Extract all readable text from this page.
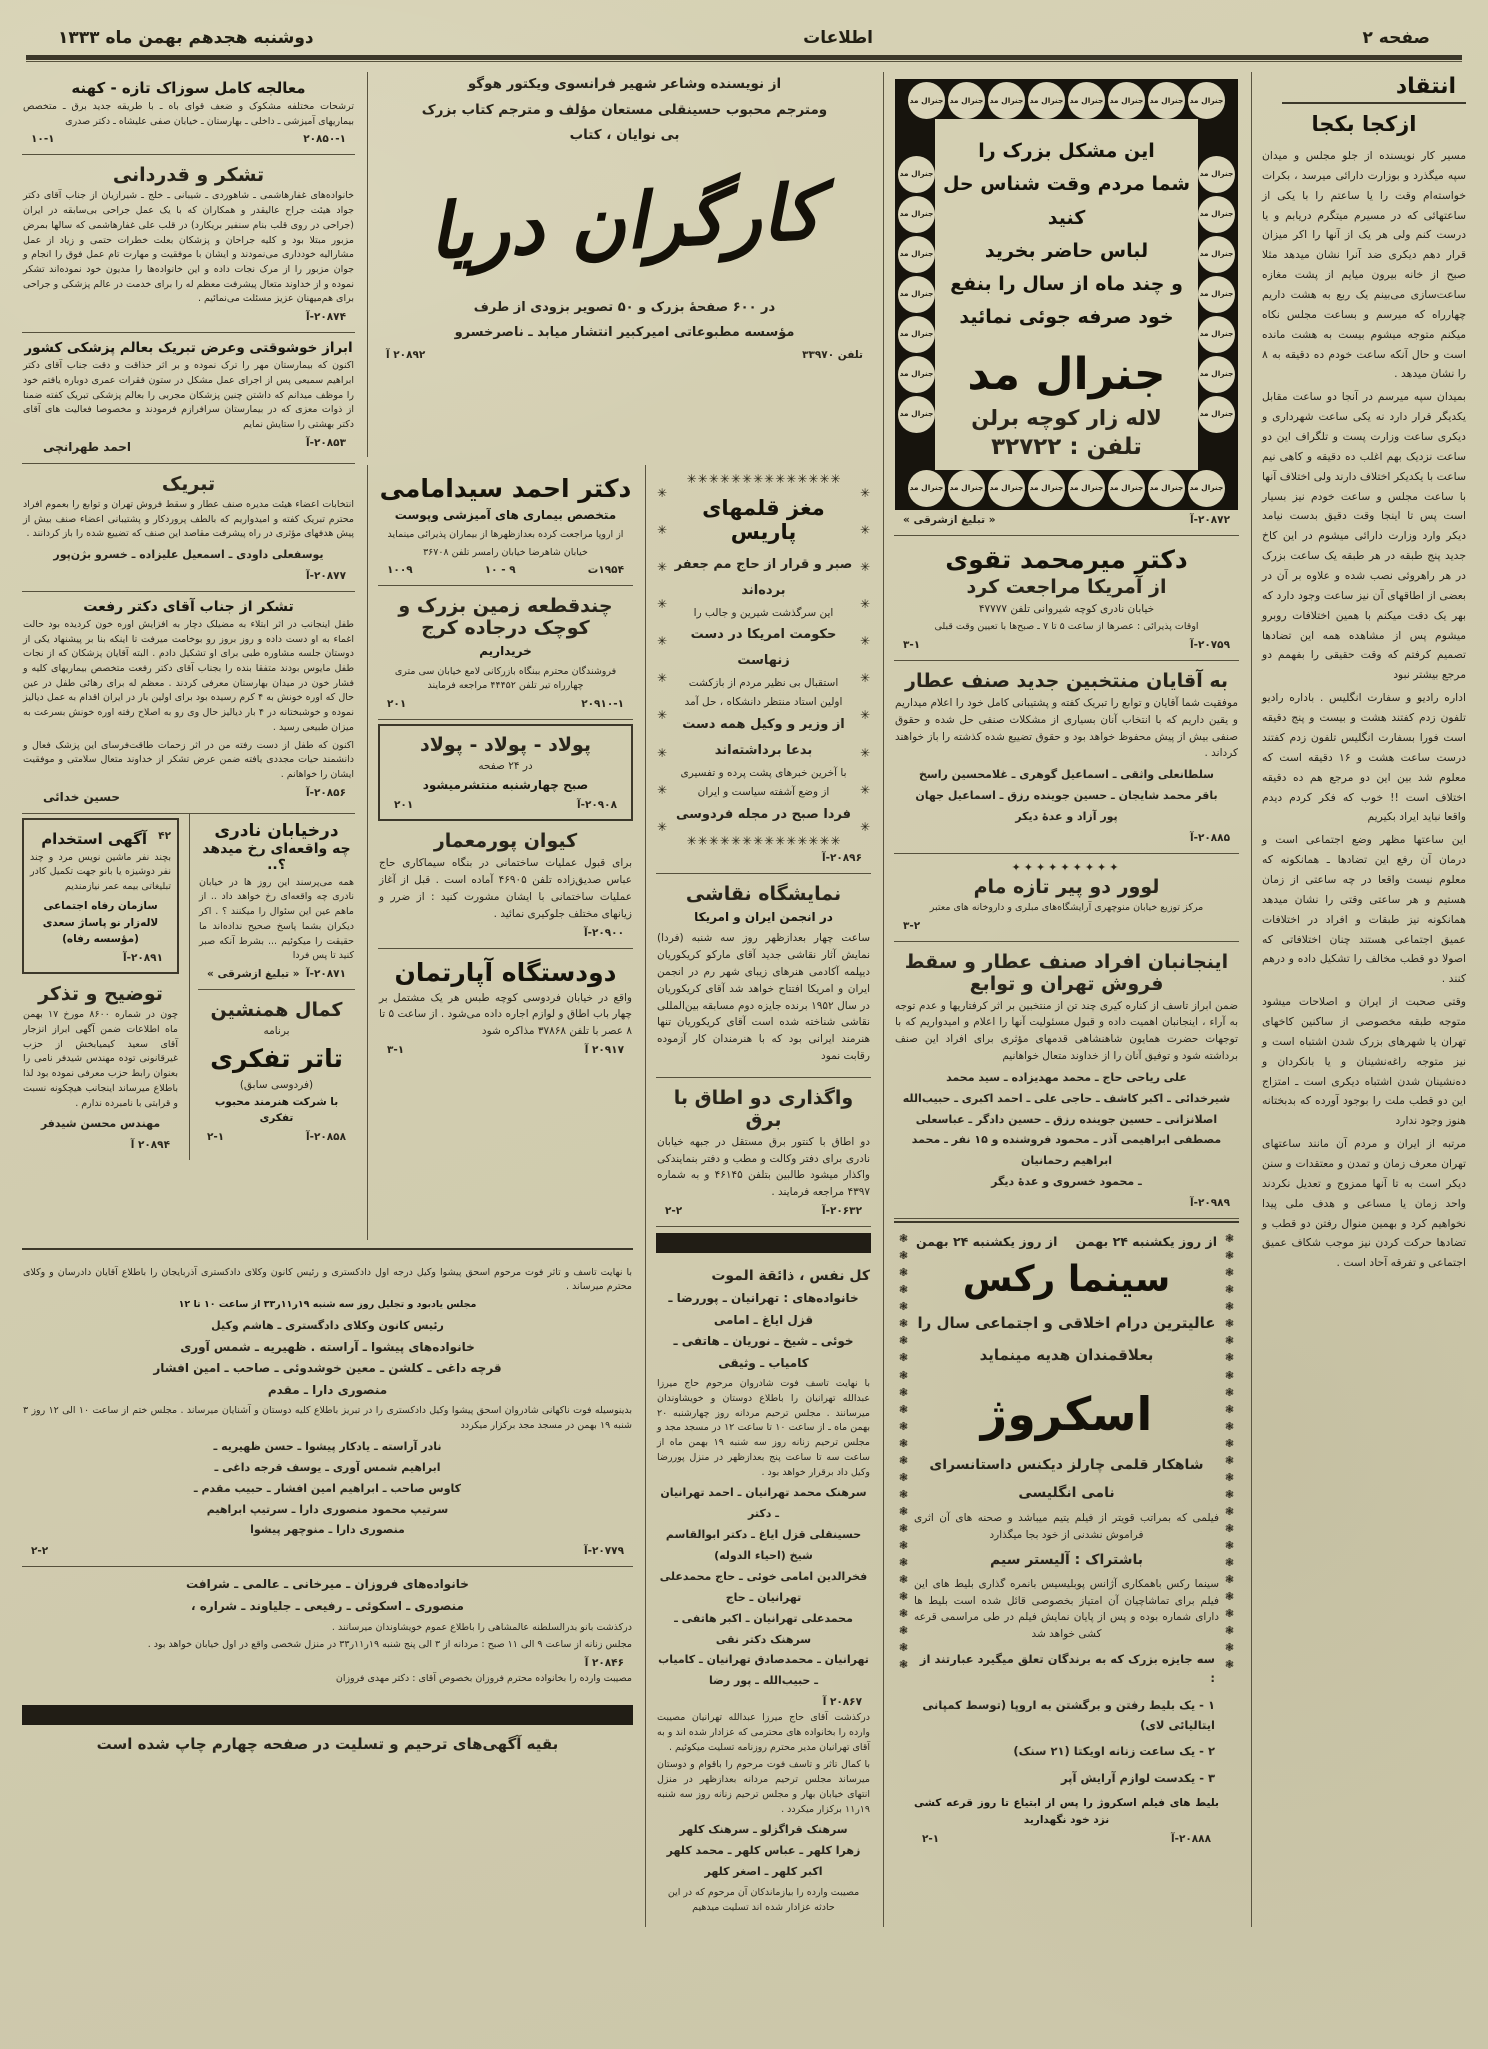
صفحه ۲
اطلاعات
دوشنبه هجدهم بهمن ماه ۱۳۳۳
انتقاد
ازکجا بکجا

مسیر کار نویسنده از جلو مجلس و میدان سپه میگذرد و بوزارت دارائی میرسد ، بکرات خواسته‌ام وقت را یا ساعتم را با یکی از ساعتهائی که در مسیرم میتگرم دریابم و یا درست کنم ولی هر یک از آنها را اکر میزان قرار دهم دیکری ضد آنرا نشان میدهد مثلا صبح از خانه بیرون میایم از پشت مغازه ساعت‌سازی می‌بینم یک ربع به هشت داریم چهارراه که میرسم و بساعت مجلس نکاه میکنم متوجه میشوم بیست به هشت مانده است و حال آنکه ساعت خودم ده دقیقه به ۸ را نشان میدهد .

بمیدان سپه میرسم در آنجا دو ساعت مقابل یکدیگر قرار دارد نه یکی ساعت شهرداری و دیکری ساعت وزارت پست و تلگراف این دو ساعت نزدیک بهم اغلب ده دقیقه و کاهی نیم ساعت با یکدیکر اختلاف دارند ولی اختلاف آنها با ساعت مجلس و ساعت خودم نیز بسیار است پس تا اینجا وقت دقیق بدست نیامد دیکر وارد وزارت دارائی میشوم در این کاخ جدید پنج طبقه در هر طبقه یک ساعت بزرک در هر راهروئی نصب شده و علاوه بر آن در بعضی از اطاقهای آن نیز ساعت وجود دارد که بهر یک دقت میکنم با همین اختلافات روبرو میشوم پس از مشاهده همه این تضادها تصمیم کرفتم که وقت حقیقی را بفهمم دو مرجع بیشتر نبود

اداره رادیو و سفارت انگلیس . باداره رادیو تلفون زدم کفتند هشت و بیست و پنج دقیقه است فورا بسفارت انگلیس تلفون زدم کفتند درست ساعت هشت و ۱۶ دقیقه است که معلوم شد بین این دو مرجع هم ده دقیقه اختلاف است !! خوب که فکر کردم دیدم واقعا نباید ایراد بکیریم

این ساعتها مظهر وضع اجتماعی است و درمان آن رفع این تضادها ـ همانکونه که معلوم نیست واقعا در چه ساعتی از زمان هستیم و هر ساعتی وقتی را نشان میدهد همانکونه نیز طبقات و افراد در اختلافات عمیق اجتماعی هستند چنان اختلافاتی که اصولا دو قطب مخالف را تشکیل داده و درهم کنند .

وقتی صحبت از ایران و اصلاحات میشود متوجه طبقه مخصوصی از ساکنین کاخهای تهران یا شهرهای بزرک شدن اشتباه است و نیز متوجه راغه‌نشینان و یا بانکردان و ده‌نشینان شدن اشتباه دیکری است ـ امتزاج این دو قطب ملت را بوجود آورده که بدبختانه هنوز وجود ندارد

مرتبه از ایران و مردم آن مانند ساعتهای تهران معرف زمان و تمدن و معتقدات و سنن دیکر است به تا آنها ممزوج و تعدیل نکردند واحد زمان یا مساعی و هدف ملی پیدا نخواهیم کرد و بهمین منوال رفتن دو قطب و تضادها حرکت کردن نیز موجب شکاف عمیق اجتماعی و تفرقه آحاد است .

جنرال مد
جنرال مد
جنرال مد
جنرال مد
جنرال مد
جنرال مد
جنرال مد
جنرال مد
جنرال مد
جنرال مد
جنرال مد
جنرال مد
جنرال مد
جنرال مد
جنرال مد
این مشکل بزرک را
شما مردم وقت شناس حل کنید
لباس حاضر بخرید
و چند ماه از سال را بنفع
خود صرفه جوئی نمائید
جنرال مد
لاله زار کوچه برلن
تلفن : ۳۲۷۲۲
جنرال مد
جنرال مد
جنرال مد
جنرال مد
جنرال مد
جنرال مد
جنرال مد
جنرال مد
جنرال مد
جنرال مد
جنرال مد
جنرال مد
جنرال مد
جنرال مد
جنرال مد
۲۰۸۷۲-آ
« تبلیغ ازشرقی »
دکتر میرمحمد تقوی
از آمریکا مراجعت کرد

خیابان نادری کوچه شیروانی تلفن ۴۷۷۷۷

اوقات پذیرائی : عصرها از ساعت ۵ تا ۷ ـ صبح‌ها با تعیین وقت قبلی

۲۰۷۵۹-آ
۳-۱
به آقایان منتخبین جدید صنف عطار

موفقیت شما آقایان و توابع را تبریک کفته و پشتیبانی کامل خود را اعلام میداریم و یقین داریم که با انتخاب آنان بسیاری از مشکلات صنفی حل شده و حقوق صنفی بیش از پیش محفوظ خواهد بود و حقوق تضییع شده کذشته را باز خواهند کرداند .

سلطانعلی واثقی ـ اسماعیل گوهری ـ غلامحسین راسخ
باقر محمد شایجان ـ حسین جوینده رزق ـ اسماعیل جهان
پور آزاد و عدهٔ دیکر
۲۰۸۸۵-آ
✦✦✦✦✦✦✦✦✦
لوور دو پیر تازه مام

مرکز توزیع خیابان منوچهری آرایشگاه‌های مبلری و داروخانه های معتبر

۳-۲
اینجانبان افراد صنف عطار و سقط فروش تهران و توابع

ضمن ابراز تاسف از کناره کیری چند تن از منتخبین بر اثر کرفتاریها و عدم توجه به آراء ، اینجانبان اهمیت داده و قبول مسئولیت آنها را اعلام و امیدواریم که با توجهات حضرت همایون شاهنشاهی قدمهای مؤثری برای افراد این صنف برداشته شود و توفیق آنان را از خداوند متعال خواهانیم

علی ریاحی حاج ـ محمد مهدیزاده ـ سید محمد
شیرخدائی ـ اکبر کاشف ـ حاجی علی ـ احمد اکبری ـ حبیب‌الله
اصلانزانی ـ حسین جوینده رزق ـ حسین دادگر ـ عباسعلی
مصطفی ابراهیمی آذر ـ محمود فروشنده و ۱۵ نفر ـ محمد ابراهیم رحمانیان
ـ محمود خسروی و عدهٔ دیگر
۲۰۹۸۹-آ
❃
❃
❃
❃
❃
❃
❃
❃
❃
❃
❃
❃
❃
❃
❃
❃
❃
❃
❃
❃
❃
❃
❃
❃
❃
❃
از روز یکشنبه ۲۴ بهمن
از روز یکشنبه ۲۴ بهمن
سینما رکس
عالیترین درام اخلاقی و اجتماعی سال را
بعلاقمندان هدیه مینماید
اسکروژ
شاهکار قلمی چارلز دیکنس داستانسرای
نامی انگلیسی

فیلمی که بمراتب قویتر از فیلم یتیم میباشد و صحنه های آن اثری فراموش نشدنی از خود بجا میگذارد

باشتراک : آلیستر سیم

سینما رکس باهمکاری آژانس پوبلیسیس بانمره گذاری بلیط های این فیلم برای تماشاچیان آن امتیاز بخصوصی قائل شده است بلیط ها دارای شماره بوده و پس از پایان نمایش فیلم در طی مراسمی قرعه کشی خواهد شد

سه جایزه بزرک که به برندگان تعلق میگیرد عبارتند از :
۱ - یک بلیط رفتن و برگشتن به اروپا (توسط کمپانی ایتالیائی لای)
۲ - یک ساعت زنانه اویکتا (۲۱ سنک)
۳ - یکدست لوازم آرایش آپر

بلیط های فیلم اسکروژ را پس از ابتیاع تا روز قرعه کشی نزد خود نگهدارید

۲۰۸۸۸-آ
۲-۱
❃
❃
❃
❃
❃
❃
❃
❃
❃
❃
❃
❃
❃
❃
❃
❃
❃
❃
❃
❃
❃
❃
❃
❃
❃
❃
از نویسنده وشاعر شهیر فرانسوی ویکتور هوگو
ومترجم محبوب حسینقلی مستعان مؤلف و مترجم کتاب بزرک
بی نوایان ، کتاب
کارگران دریا
در ۶۰۰ صفحهٔ بزرک و ۵۰ تصویر بزودی از طرف
مؤسسه مطبوعاتی امیرکبیر انتشار میابد ـ ناصرخسرو
تلفن ۳۳۹۷۰
۲۰۸۹۲ آ
✳
✳
✳
✳
✳
✳
✳
✳
✳
✳
✳
✳
✳
✳
✳
✳
✳
✳
✳
✳
✳
✳
✳
✳
مغز قلمهای پاریس
صبر و قرار از حاج مم جعفر برده‌اند
این سرگذشت شیرین و جالب را
حکومت امریکا در دست زنهاست
استقبال بی نظیر مردم از بازکشت
اولین استاد منتظر دانشکاه ، حل آمد
از وزیر و وکیل همه دست بدعا برداشته‌اند
با آخرین خبرهای پشت پرده و تفسیری
از وضع آشفته سیاست و ایران
فردا صبح در مجله فردوسی
✳
✳
✳
✳
✳
✳
✳
✳
✳
✳
✳
✳
✳
✳
✳
✳
✳
✳
✳
✳
✳
✳
✳
✳
۲۰۸۹۶-آ
نمایشگاه نقاشی
در انجمن ایران و امریکا

ساعت چهار بعدازظهر روز سه شنبه (فردا) نمایش آثار نقاشی جدید آقای مارکو کریکوریان دیپلمه آکادمی هنرهای زیبای شهر رم در انجمن ایران و امریکا افتتاح خواهد شد آقای کریکوریان در سال ۱۹۵۲ برنده جایزه دوم مسابقه بین‌المللی نقاشی شناخته شده است آقای کریکوریان تنها هنرمند ایرانی بود که با هنرمندان کار آزموده رقابت نمود

واگذاری دو اطاق با برق

دو اطاق با کنتور برق مستقل در جبهه خیابان نادری برای دفتر وکالت و مطب و دفتر بنمایندکی واکذار میشود طالبین بتلفن ۴۶۱۴۵ و به شماره ۴۳۹۷ مراجعه فرمایند .

۲۰۶۳۲-آ
۲-۲
کل نفس ، ذائقة الموت
خانواده‌های : تهرانیان ـ پوررضا ـ قزل ایاغ ـ امامی
خوئی ـ شیخ ـ نوریان ـ هاتفی ـ کامیاب ـ وثیقی

با نهایت تاسف فوت شادروان مرحوم حاج میرزا عبدالله تهرانیان را باطلاع دوستان و خویشاوندان میرسانند . مجلس ترحیم مردانه روز چهارشنبه ۲۰ بهمن ماه ـ از ساعت ۱۰ تا ساعت ۱۲ در مسجد مجد و مجلس ترحیم زنانه روز سه شنبه ۱۹ بهمن ماه از ساعت سه تا ساعت پنج بعدازظهر در منزل پوررضا وکیل داد برقرار خواهد بود .

سرهنک محمد تهرانیان ـ احمد تهرانیان ـ دکتر
حسینقلی قزل ایاغ ـ دکتر ابوالقاسم شیخ (احیاء الدوله)
فخرالدین امامی خوئی ـ حاج محمدعلی تهرانیان ـ حاج
محمدعلی تهرانیان ـ اکبر هاتفی ـ سرهنک دکتر نقی
تهرانیان ـ محمدصادق تهرانیان ـ کامیاب ـ حبیب‌الله ـ پور رضا
۲۰۸۶۷ آ

درکذشت آقای حاج میرزا عبدالله تهرانیان مصیبت وارده را بخانواده های محترمی که عزادار شده اند و به آقای تهرانیان مدیر محترم روزنامه تسلیت میکوئیم .

با کمال تاثر و تاسف فوت مرحوم را باقوام و دوستان میرساند مجلس ترحیم مردانه بعدازظهر در منزل انتهای خیابان بهار و مجلس ترحیم زنانه روز سه شنبه ۱۹ر۱۱ برکزار میکردد .

سرهنک قراگزلو ـ سرهنک کلهر
زهرا کلهر ـ عباس کلهر ـ محمد کلهر
اکبر کلهر ـ اصغر کلهر

مصیبت وارده را بیازماندکان آن مرحوم که در این حادثه عزادار شده اند تسلیت میدهیم

دکتر احمد سیدامامی
متخصص بیماری های آمیزشی وپوست

از اروپا مراجعت کرده بعدازظهرها از بیماران پذیرائی مینماید

خیابان شاهرضا خیابان رامسر تلفن ۳۶۷۰۸

۱۹۵۴ت
۹ - ۱۰
۱۰۰۹
چندقطعه زمین بزرک و کوچک درجاده کرج
خریداریم

فروشندگان محترم ببنگاه بازرکانی لامع خیابان سی متری چهارراه تیر تلفن ۴۴۴۵۲ مراجعه فرمایند

۲۰۹۱۰-۱
۲۰۱
پولاد - پولاد - پولاد
در ۲۴ صفحه
صبح چهارشنبه منتشرمیشود
۲۰۹۰۸-آ
۲۰۱
کیوان پورمعمار

برای قبول عملیات ساختمانی در بنگاه سیماکاری حاج عباس صدیق‌زاده تلفن ۴۶۹۰۵ آماده است . قبل از آغاز عملیات ساختمانی با ایشان مشورت کنید : از ضرر و زیانهای مختلف جلوکیری نمائید .

۲۰۹۰۰-آ
دودستگاه آپارتمان

واقع در خیابان فردوسی کوچه طبس هر یک مشتمل بر چهار باب اطاق و لوازم اجاره داده می‌شود . از ساعت ۵ تا ۸ عصر با تلفن ۳۷۸۶۸ مذاکره شود

۲۰۹۱۷ آ
۳-۱
معالجه کامل سوزاک تازه - کهنه

ترشحات مختلفه مشکوک و ضعف قوای باه ـ با طریقه جدید برق ـ متخصص بیماریهای آمیزشی ـ داخلی ـ بهارستان ـ خیابان صفی علیشاه ـ دکتر صدری

۲۰۸۵۰-۱
۱۰-۱
تشکر و قدردانی

خانواده‌های غفارهاشمی ـ شاهوردی ـ شیبانی ـ خلج ـ شیرازیان از جناب آقای دکتر جواد هیئت جراح عالیقدر و همکاران که با یک عمل جراحی بی‌سابقه در ایران (جراحی در روی قلب بنام سنفیر بریکارد) در قلب علی غفارهاشمی که سالها بمرض مزبور مبتلا بود و کلیه جراحان و پزشکان بعلت خطرات حتمی و زیاد از عمل مشارالیه خودداری می‌نمودند و ایشان با موفقیت و مهارت تام عمل فوق را انجام و جوان مزبور را از مرک نجات داده و این خانواده‌ها را مدیون خود نموده‌اند تشکر نموده و از خداوند متعال پیشرفت معظم له را برای خدمت در عالم پزشکی و جراحی برای هم‌میهنان عزیز مسئلت می‌نمائیم .

۲۰۸۷۴-آ
ابراز خوشوقتی وعرض تبریک بعالم پزشکی کشور

اکنون که بیمارستان مهر را ترک نموده و بر اثر حذاقت و دقت جناب آقای دکتر ابراهیم سمیعی پس از اجرای عمل مشکل در ستون فقرات عمری دوباره یافتم خود را موظف میدانم که داشتن چنین پزشکان مجربی را بعالم پزشکی تبریک کفته ضمنا از ذوات معزی که در بیمارستان سرافرازم فرمودند و مخصوصا فعالیت های آقای دکتر بهشتی را ستایش نمایم

۲۰۸۵۳-آ
احمد طهرانچی
تبریک

انتخابات اعضاء هیئت مدیره صنف عطار و سقط فروش تهران و توابع را بعموم افراد محترم تبریک کفته و امیدواریم که بالطف پروردکار و پشتیبانی اعضاء صنف بیش از پیش هدفهای مؤثری در راه پیشرفت مقاصد این صنف که تضییع شده را باز کردانند .

یوسفعلی داودی ـ اسمعیل علیزاده ـ خسرو بژن‌پور
۲۰۸۷۷-آ
تشکر از جناب آقای دکتر رفعت

طفل اینجانب در اثر ابتلاء به مضیلک دچار به افزایش اوره خون کردیده بود حالت اغماء به او دست داده و روز بروز رو بوخامت میرفت تا اینکه بنا بر پیشنهاد یکی از دوستان جلسه مشاوره طبی برای او تشکیل دادم . البته آقایان پزشکان که از نجات طفل مایوس بودند متفقا بنده را بجناب آقای دکتر رفعت متخصص بیماریهای کلیه و فشار خون در میدان بهارستان معرفی کردند . معظم له برای رهائی طفل در عین حال که اوره خونش به ۴ کرم رسیده بود برای اولین بار در ایران اقدام به عمل دیالیز نموده و خوشبختانه در ۴ بار دیالیز حال وی رو به اصلاح رفته اوره خونش بسرعت به میزان طبیعی رسید .

اکنون که طفل از دست رفته من در اثر زحمات طاقت‌فرسای این پزشک فعال و دانشمند حیات مجددی یافته ضمن عرض تشکر از خداوند متعال سلامتی و موفقیت ایشان را خواهانم .

۲۰۸۵۶-آ
حسین خدائی
درخیابان نادری
چه واقعه‌ای رخ میدهد ؟..

همه می‌پرسند این روز ها در خیابان نادری چه واقعه‌ای رخ خواهد داد .. از ماهم عین این سئوال را میکنند ؟ . اکر دیکران بشما پاسخ صحیح نداده‌اند ما حقیقت را میکوئیم ... بشرط آنکه صبر کنید تا پس فردا

۲۰۸۷۱-آ
« تبلیغ ازشرقی »
کمال همنشین
برنامه
تاتر تفکری
(فردوسی سابق)
با شرکت هنرمند محبوب تفکری
۲۰۸۵۸-آ
۲-۱
۴۲
آگهی استخدام

بچند نفر ماشین نویس مرد و چند نفر دوشیزه یا بانو جهت تکمیل کادر تبلیغاتی بیمه عمر نیازمندیم

سازمان رفاه اجتماعی لاله‌زار نو پاساژ سعدی (مؤسسه رفاه)
۲۰۸۹۱-آ
توضیح و تذکر

چون در شماره ۸۶۰۰ مورخ ۱۷ بهمن ماه اطلاعات ضمن آگهی ابراز انزجار آقای سعید کیمیابخش از حزب غیرقانونی توده مهندس شیدفر نامی را بعنوان رابط حزب معرفی نموده بود لذا باطلاع میرساند اینجانب هیچکونه نسبت و قرابتی با نامبرده ندارم .

مهندس محسن شیدفر
۲۰۸۹۴ آ

با نهایت تاسف و تاثر فوت مرحوم اسحق پیشوا وکیل درجه اول دادکستری و رئیس کانون وکلای دادکستری آذربایجان را باطلاع آقایان دادرسان و وکلای محترم میرساند .

مجلس یادبود و تجلیل روز سه شنبه ۱۹ر۱۱ر۳۳ از ساعت ۱۰ تا ۱۲

رئیس کانون وکلای دادگستری ـ هاشم وکیل
خانواده‌های پیشوا ـ آراسته . ظهیریه ـ شمس آوری
قرچه داغی ـ کلشن ـ معین خوشدوئی ـ صاحب ـ امین افشار
منصوری دارا ـ مقدم

بدینوسیله فوت ناکهانی شادروان اسحق پیشوا وکیل دادکستری را در تبریز باطلاع کلیه دوستان و آشنایان میرساند . مجلس ختم از ساعت ۱۰ الی ۱۲ روز ۳ شنبه ۱۹ بهمن در مسجد مجد برکزار میکردد

نادر آراسته ـ یادکار پیشوا ـ حسن ظهیریه ـ
ابراهیم شمس آوری ـ یوسف قرجه داغی ـ
کاوس صاحب ـ ابراهیم امین افشار ـ حبیب مقدم ـ
سرتیپ محمود منصوری دارا ـ سرتیپ ابراهیم
منصوری دارا ـ منوچهر پیشوا
۲۰۷۷۹-آ
۲-۲
خانواده‌های فروزان ـ میرخانی ـ عالمی ـ شرافت
منصوری ـ اسکوئی ـ رفیعی ـ جلیاوند ـ شراره ،

درکذشت بانو بدرالسلطنه عالمشاهی را باطلاع عموم خویشاوندان میرسانند .

مجلس زنانه از ساعت ۹ الی ۱۱ صبح : مردانه از ۳ الی پنج شنبه ۱۹ر۱۱ر۳۳ در منزل شخصی واقع در اول خیابان خواهد بود .

۲۰۸۴۶ آ

مصیبت وارده را بخانواده محترم فروزان بخصوص آقای : دکتر مهدی فروزان

بقیه آگهی‌های ترحیم و تسلیت در صفحه چهارم چاپ شده است
